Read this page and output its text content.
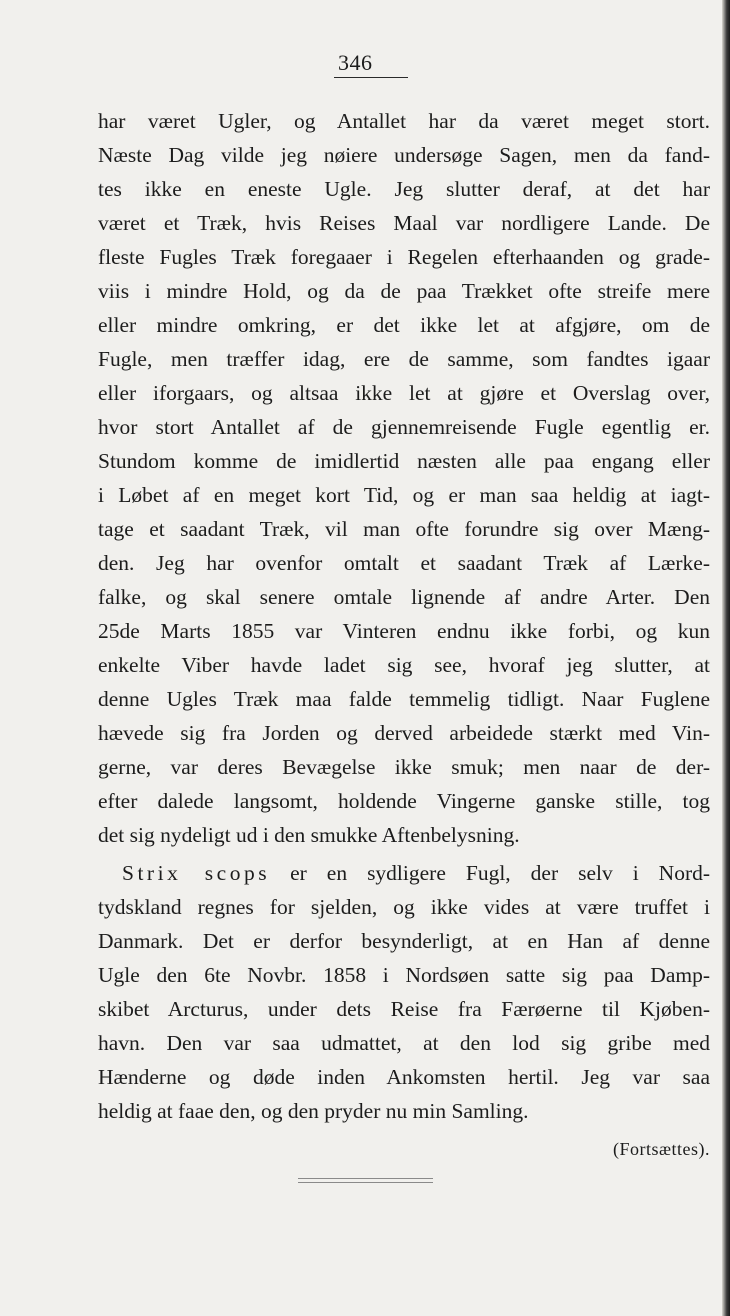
346
har været Ugler, og Antallet har da været meget stort.
Næste Dag vilde jeg nøiere undersøge Sagen, men da fand-
tes ikke en eneste Ugle. Jeg slutter deraf, at det har
været et Træk, hvis Reises Maal var nordligere Lande. De
fleste Fugles Træk foregaaer i Regelen efterhaanden og grade-
viis i mindre Hold, og da de paa Trækket ofte streife mere
eller mindre omkring, er det ikke let at afgjøre, om de
Fugle, men træffer idag, ere de samme, som fandtes igaar
eller iforgaars, og altsaa ikke let at gjøre et Overslag over,
hvor stort Antallet af de gjennemreisende Fugle egentlig er.
Stundom komme de imidlertid næsten alle paa engang eller
i Løbet af en meget kort Tid, og er man saa heldig at iagt-
tage et saadant Træk, vil man ofte forundre sig over Mæng-
den. Jeg har ovenfor omtalt et saadant Træk af Lærke-
falke, og skal senere omtale lignende af andre Arter. Den
25de Marts 1855 var Vinteren endnu ikke forbi, og kun
enkelte Viber havde ladet sig see, hvoraf jeg slutter, at
denne Ugles Træk maa falde temmelig tidligt. Naar Fuglene
hævede sig fra Jorden og derved arbeidede stærkt med Vin-
gerne, var deres Bevægelse ikke smuk; men naar de der-
efter dalede langsomt, holdende Vingerne ganske stille, tog
det sig nydeligt ud i den smukke Aftenbelysning.
Strix scops er en sydligere Fugl, der selv i Nord-
tydskland regnes for sjelden, og ikke vides at være truffet i
Danmark. Det er derfor besynderligt, at en Han af denne
Ugle den 6te Novbr. 1858 i Nordsøen satte sig paa Damp-
skibet Arcturus, under dets Reise fra Færøerne til Kjøben-
havn. Den var saa udmattet, at den lod sig gribe med
Hænderne og døde inden Ankomsten hertil. Jeg var saa
heldig at faae den, og den pryder nu min Samling.
(Fortsættes).
